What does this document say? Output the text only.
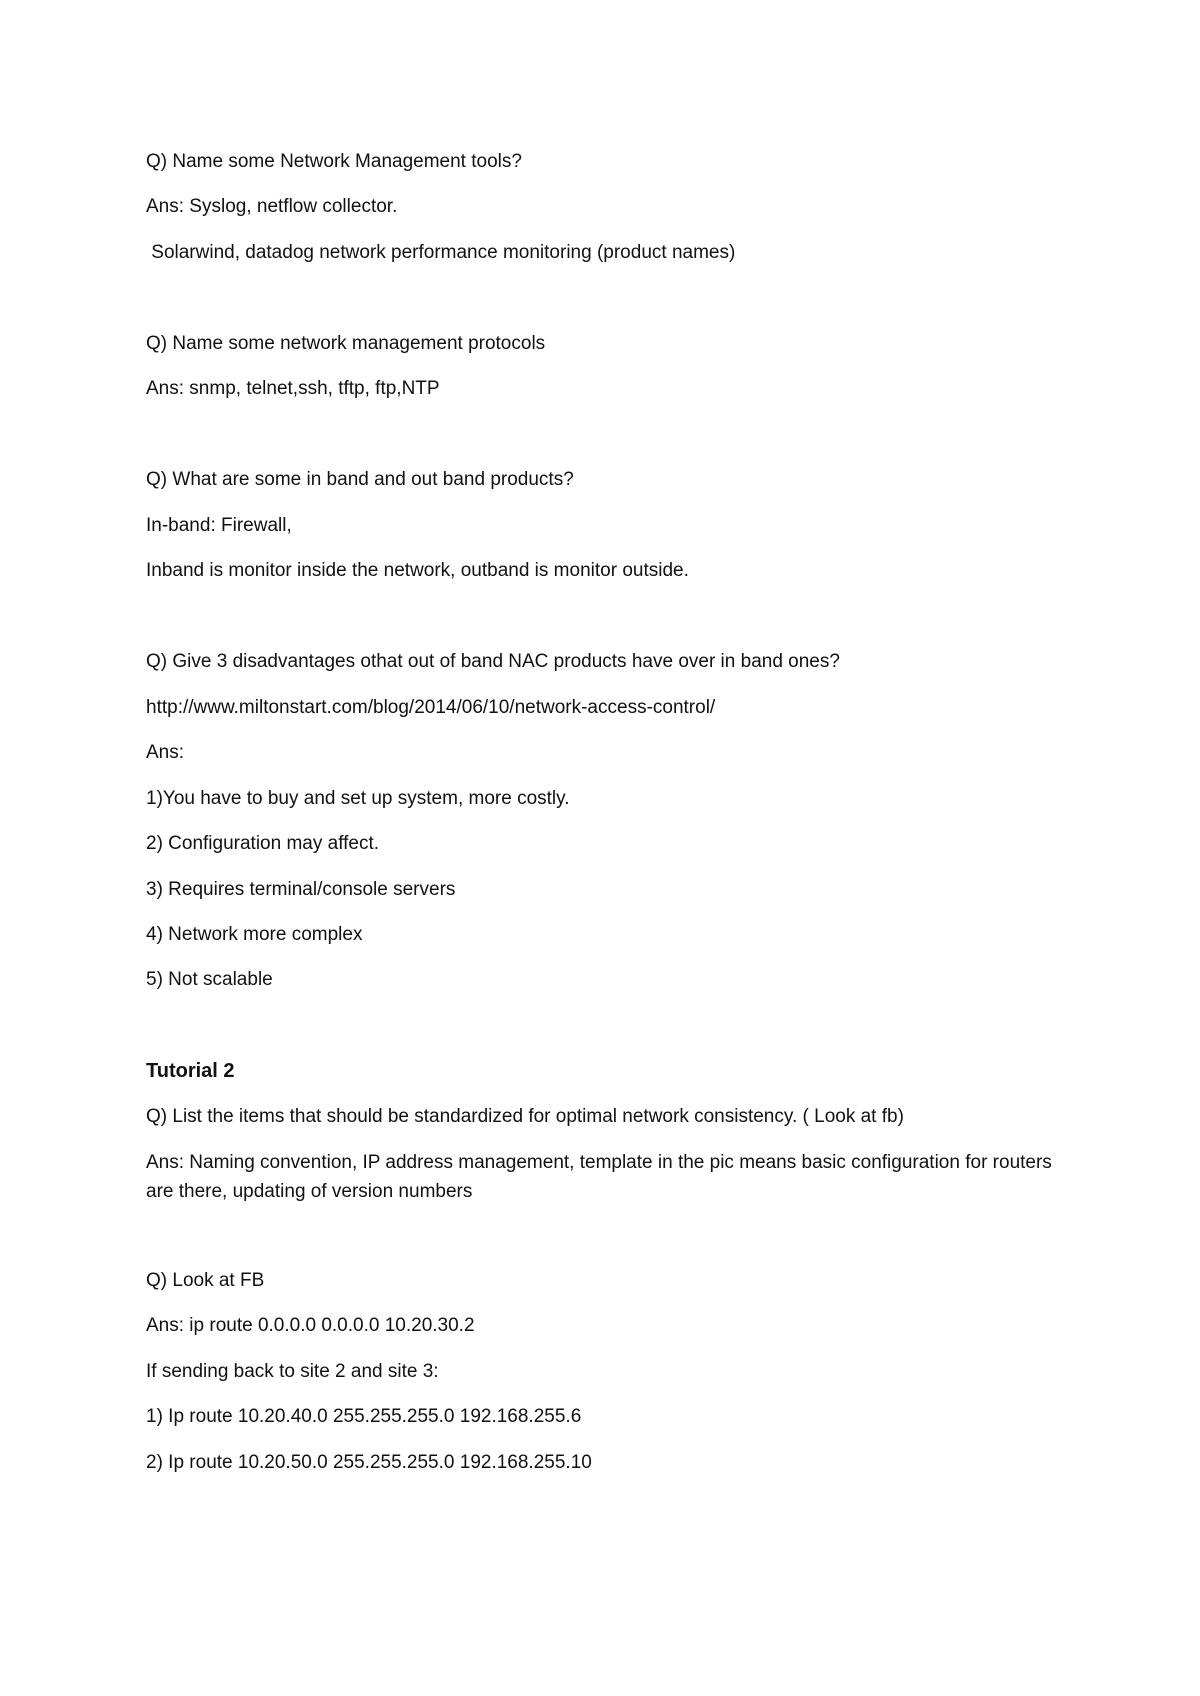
Q) Name some Network Management tools?
Ans: Syslog, netflow collector.
Solarwind, datadog network performance monitoring (product names)
Q) Name some network management protocols
Ans: snmp, telnet,ssh, tftp, ftp,NTP
Q) What are some in band and out band products?
In-band: Firewall,
Inband is monitor inside the network, outband is monitor outside.
Q) Give 3 disadvantages othat out of band NAC products have over in band ones?
http://www.miltonstart.com/blog/2014/06/10/network-access-control/
Ans:
1)You have to buy and set up system, more costly.
2) Configuration may affect.
3) Requires terminal/console servers
4) Network more complex
5) Not scalable
Tutorial 2
Q) List the items that should be standardized for optimal network consistency. ( Look at fb)
Ans: Naming convention, IP address management, template in the pic means basic configuration for routers are there, updating of version numbers
Q) Look at FB
Ans: ip route 0.0.0.0 0.0.0.0 10.20.30.2
If sending back to site 2 and site 3:
1) Ip route 10.20.40.0 255.255.255.0 192.168.255.6
2) Ip route 10.20.50.0 255.255.255.0 192.168.255.10
